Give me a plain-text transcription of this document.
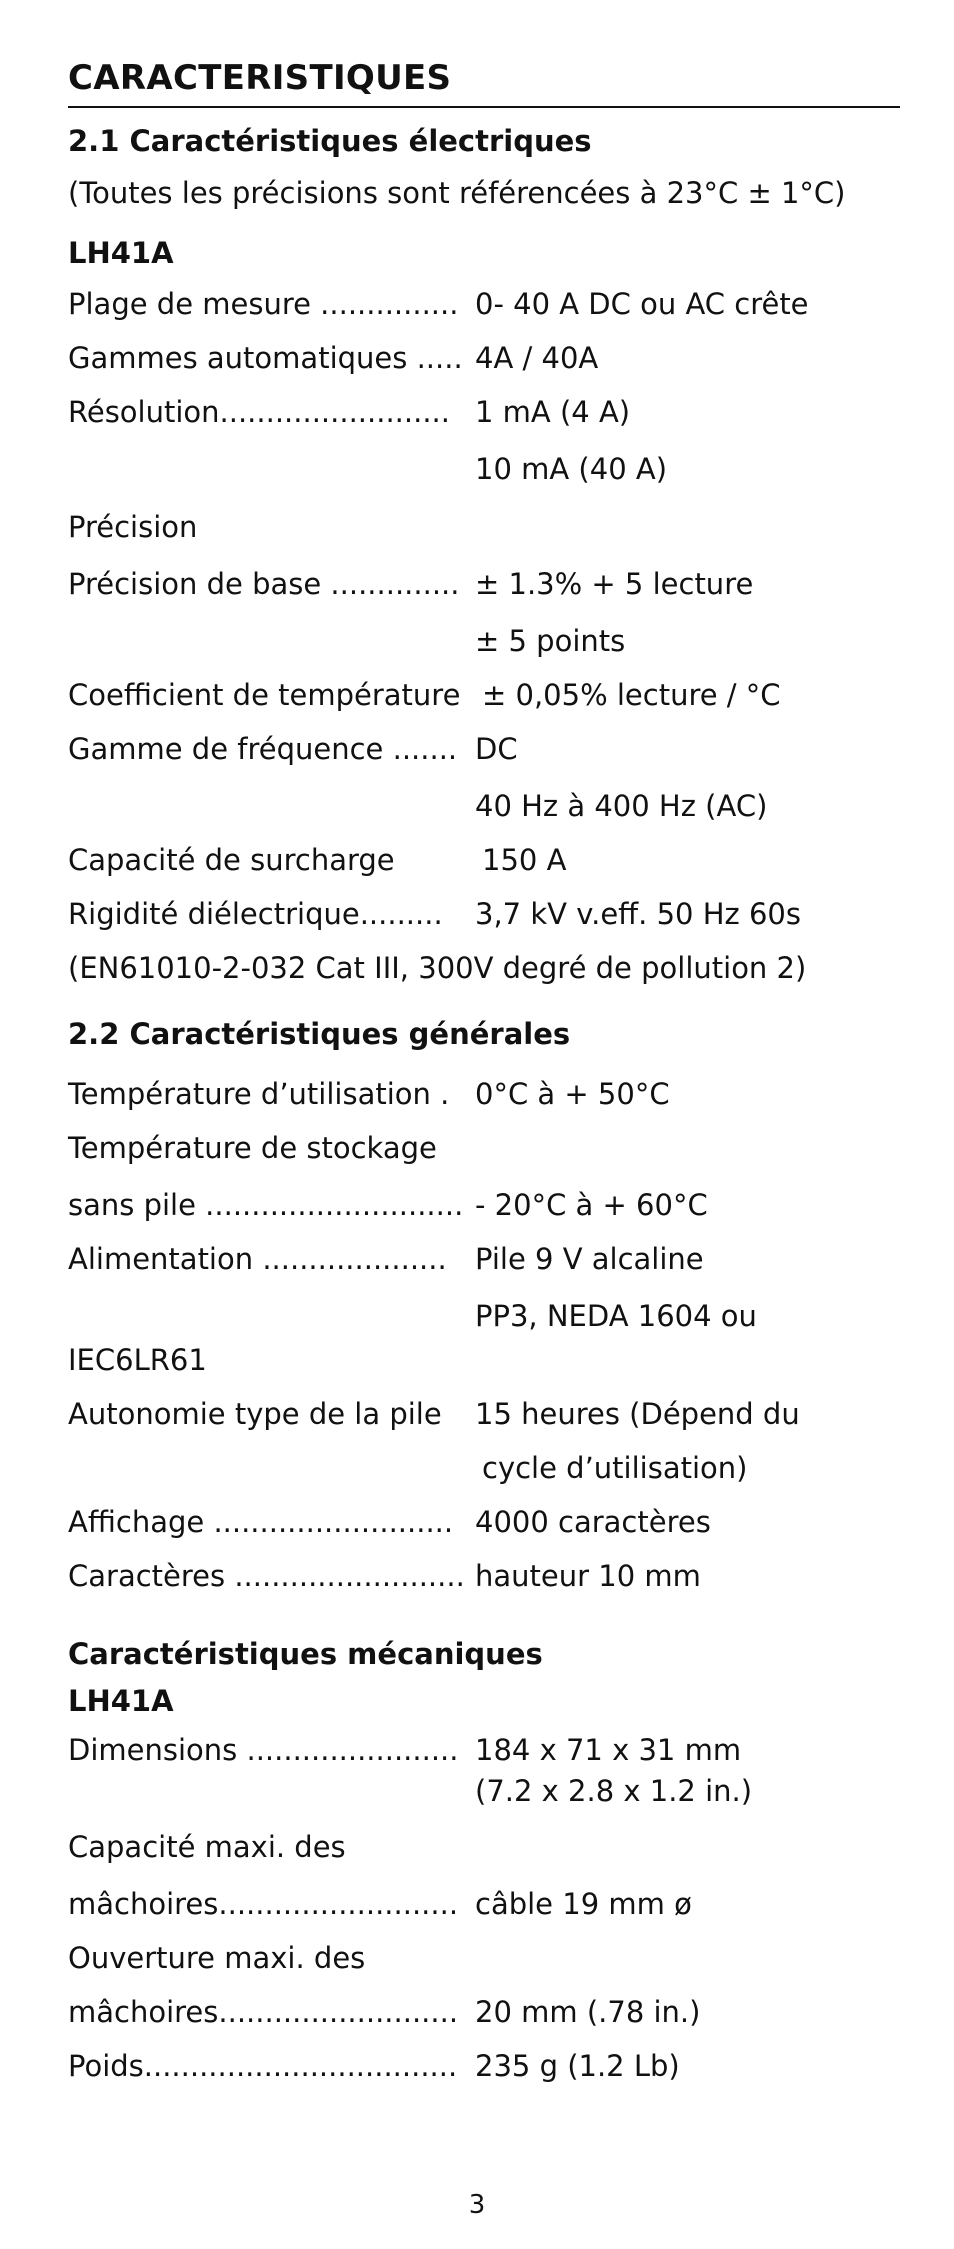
CARACTERISTIQUES
2.1 Caractéristiques électriques
(Toutes les précisions sont référencées à 23°C ± 1°C)
LH41A
Plage de mesure ............... 0- 40 A DC ou AC crête
Gammes automatiques ..... 4A / 40A
Résolution......................... 1 mA (4 A)
10 mA (40 A)
Précision
Précision de base .............. ± 1.3% + 5 lecture
± 5 points
Coefficient de température ± 0,05% lecture / °C
Gamme de fréquence ....... DC
40 Hz à 400 Hz (AC)
Capacité de surcharge	150 A
Rigidité diélectrique......... 3,7 kV v.eff. 50 Hz 60s
(EN61010-2-032 Cat III, 300V degré de pollution 2)
2.2 Caractéristiques générales
Température d’utilisation . 0°C à + 50°C
Température de stockage
sans pile ............................ - 20°C à + 60°C
Alimentation .................... Pile 9 V alcaline
PP3, NEDA 1604 ou
IEC6LR61
Autonomie type de la pile 15 heures (Dépend du
cycle d’utilisation)
Affichage .......................... 4000 caractères
Caractères ......................... hauteur 10 mm
Caractéristiques mécaniques
LH41A
Dimensions ....................... 184 x 71 x 31 mm
(7.2 x 2.8 x 1.2 in.)
Capacité maxi. des
mâchoires.......................... câble 19 mm ø
Ouverture maxi. des
mâchoires.......................... 20 mm (.78 in.)
Poids.................................. 235 g (1.2 Lb)
3
